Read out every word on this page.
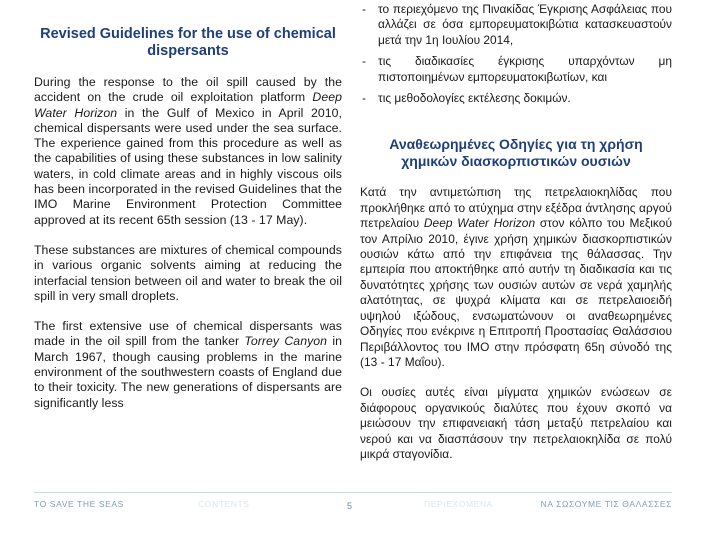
Revised Guidelines for the use of chemical dispersants

During the response to the oil spill caused by the accident on the crude oil exploitation platform Deep Water Horizon in the Gulf of Mexico in April 2010, chemical dispersants were used under the sea surface. The experience gained from this procedure as well as the capabilities of using these substances in low salinity waters, in cold climate areas and in highly viscous oils has been incorporated in the revised Guidelines that the IMO Marine Environment Protection Committee approved at its recent 65th session (13 - 17 May).

These substances are mixtures of chemical compounds in various organic solvents aiming at reducing the interfacial tension between oil and water to break the oil spill in very small droplets.

The first extensive use of chemical dispersants was made in the oil spill from the tanker Torrey Canyon in March 1967, though causing problems in the marine environment of the southwestern coasts of England due to their toxicity. The new generations of dispersants are significantly less

- το περιεχόμενο της Πινακίδας Έγκρισης Ασφάλειας που αλλάζει σε όσα εμπορευματοκιβώτια κατασκευαστούν μετά την 1η Ιουλίου 2014,
- τις διαδικασίες έγκρισης υπαρχόντων μη πιστοποιημένων εμπορευματοκιβωτίων, και
- τις μεθοδολογίες εκτέλεσης δοκιμών.
Αναθεωρημένες Οδηγίες για τη χρήση χημικών διασκορπιστικών ουσιών

Κατά την αντιμετώπιση της πετρελαιοκηλίδας που προκλήθηκε από το ατύχημα στην εξέδρα άντλησης αργού πετρελαίου Deep Water Horizon στον κόλπο του Μεξικού τον Απρίλιο 2010, έγινε χρήση χημικών διασκορπιστικών ουσιών κάτω από την επιφάνεια της θάλασσας. Την εμπειρία που αποκτήθηκε από αυτήν τη διαδικασία και τις δυνατότητες χρήσης των ουσιών αυτών σε νερά χαμηλής αλατότητας, σε ψυχρά κλίματα και σε πετρελαιοειδή υψηλού ιξώδους, ενσωματώνουν οι αναθεωρημένες Οδηγίες που ενέκρινε η Επιτροπή Προστασίας Θαλάσσιου Περιβάλλοντος του IMO στην πρόσφατη 65η σύνοδό της (13 - 17 Μαΐου).

Οι ουσίες αυτές είναι μίγματα χημικών ενώσεων σε διάφορους οργανικούς διαλύτες που έχουν σκοπό να μειώσουν την επιφανειακή τάση μεταξύ πετρελαίου και νερού και να διασπάσουν την πετρελαιοκηλίδα σε πολύ μικρά σταγονίδια.

TO SAVE THE SEAS	CONTENTS	5	ΠΕΡΙΕΧΟΜΕΝΑ	ΝΑ ΣΩΣΟΥΜΕ ΤΙΣ ΘΑΛΑΣΣΕΣ
